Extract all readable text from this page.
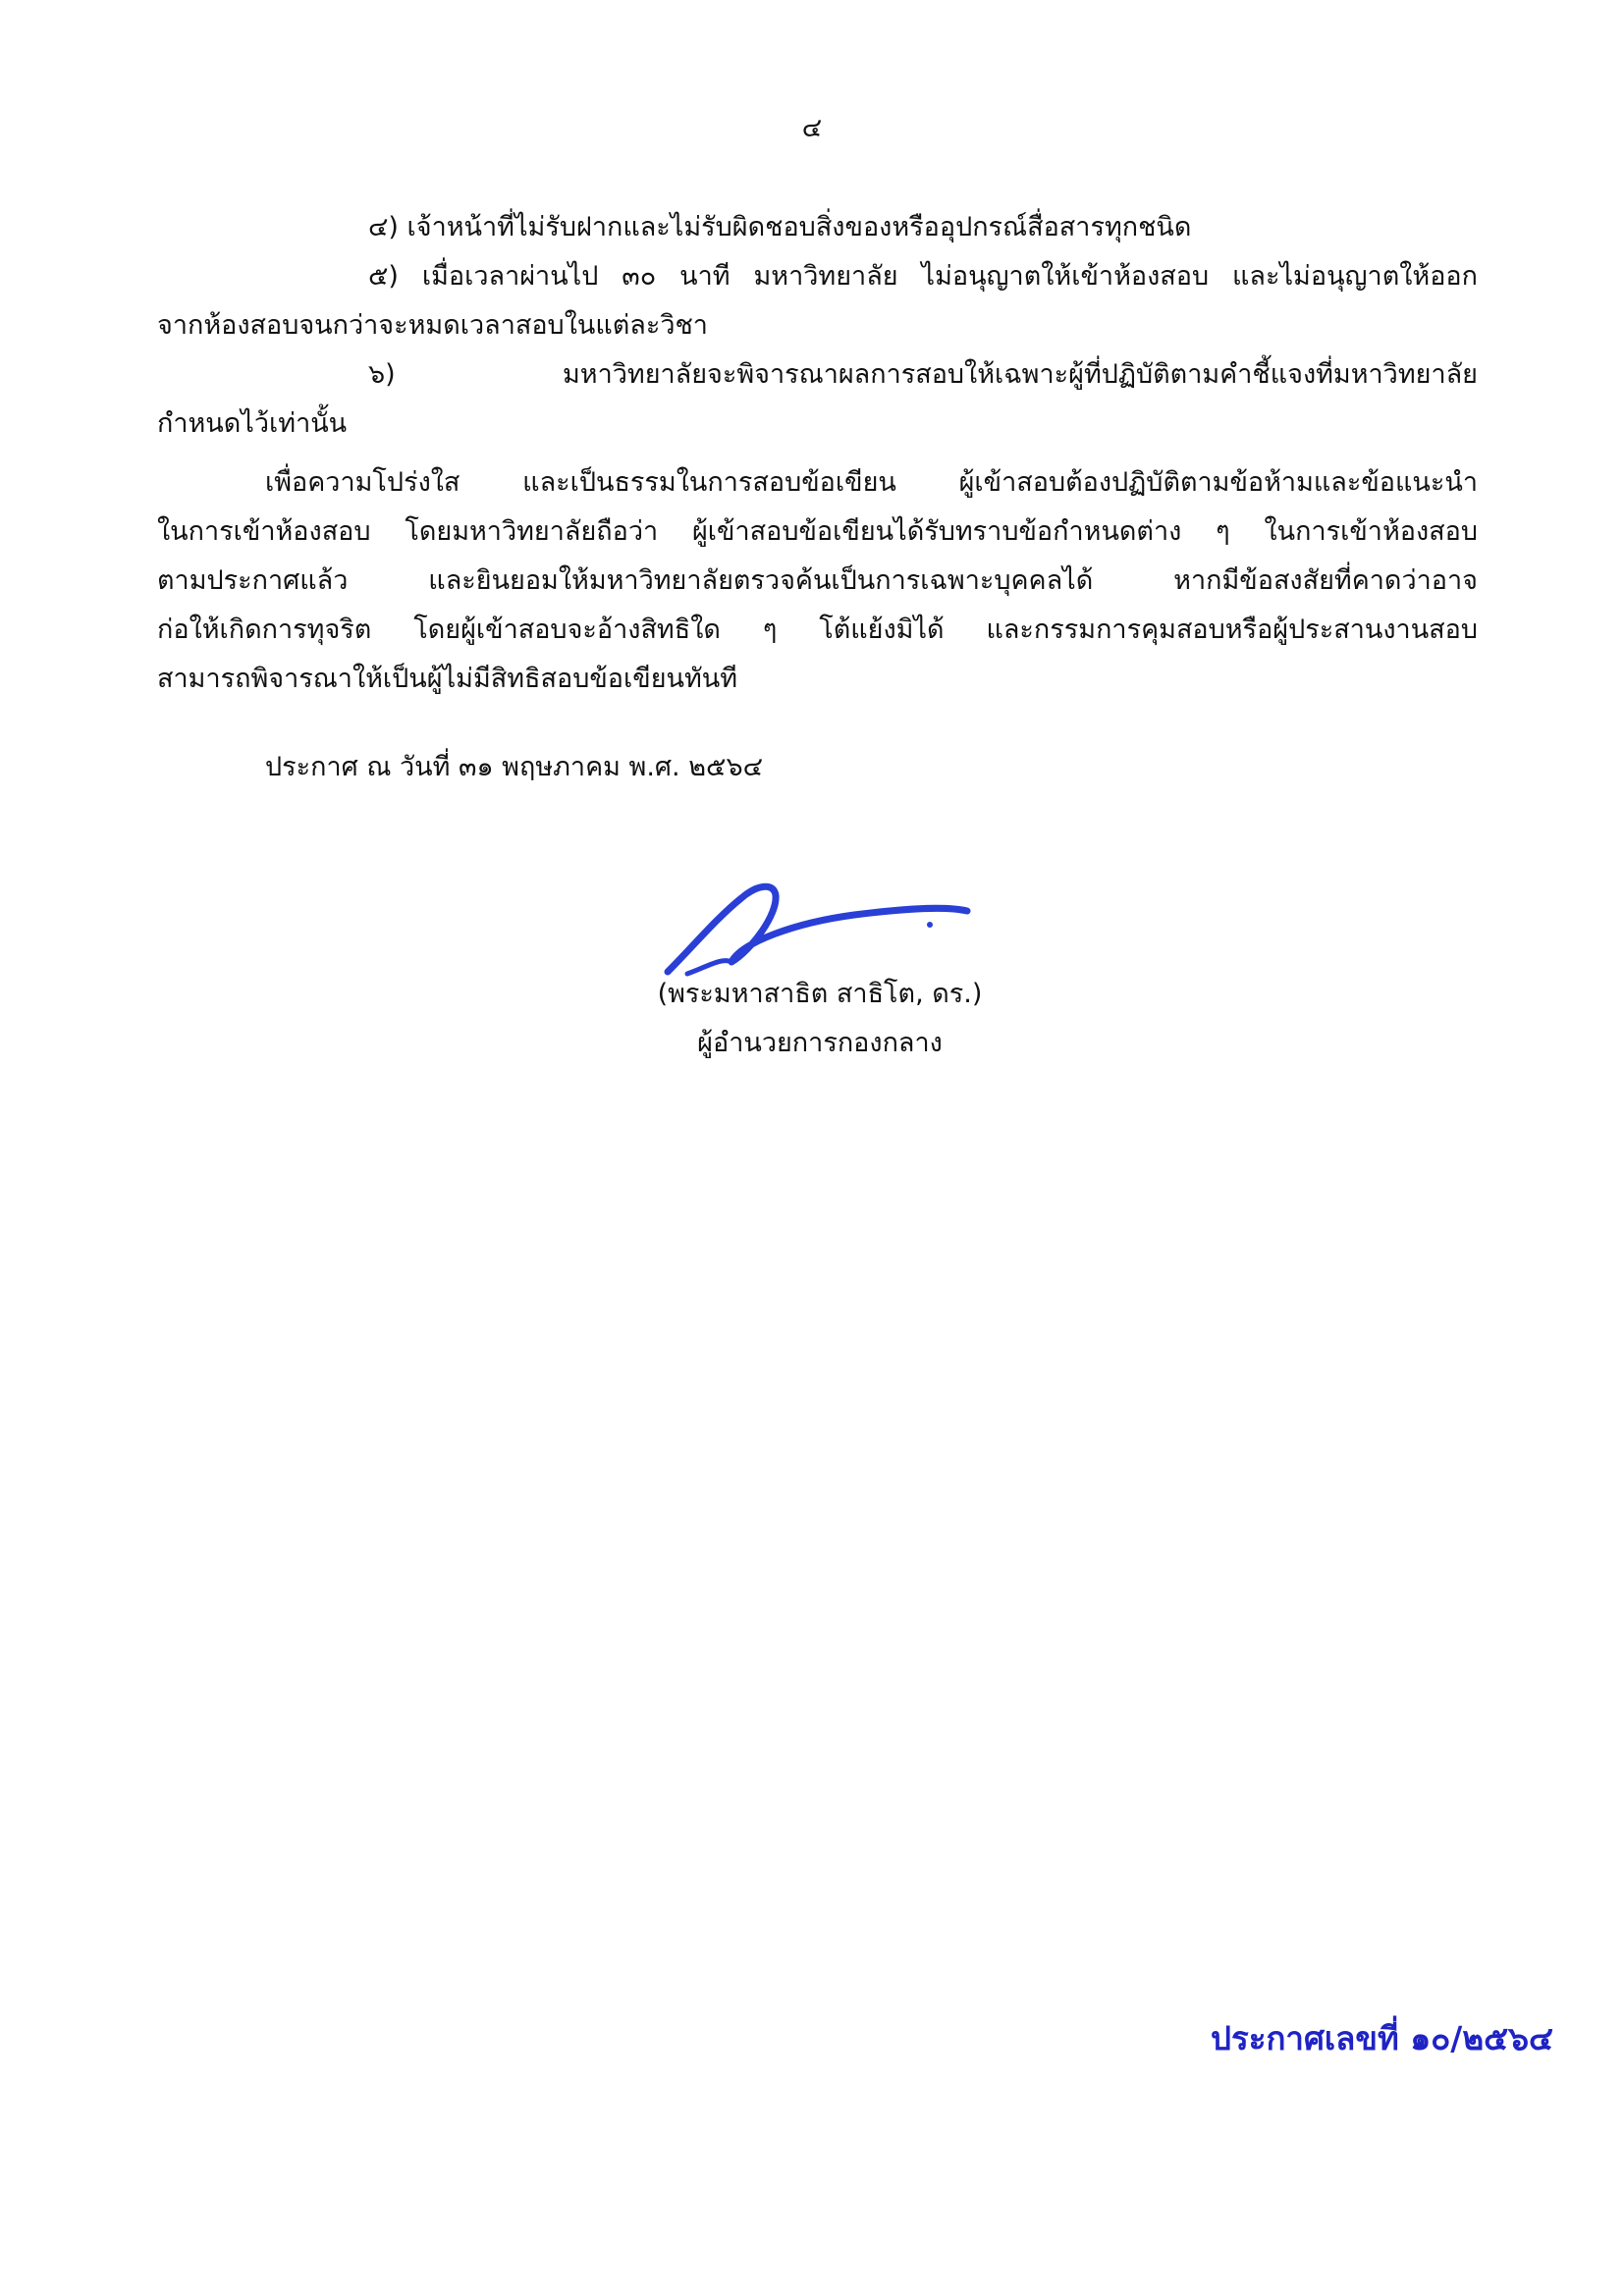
๔
๔) เจ้าหน้าที่ไม่รับฝากและไม่รับผิดชอบสิ่งของหรืออุปกรณ์สื่อสารทุกชนิด
๕) เมื่อเวลาผ่านไป ๓๐ นาที มหาวิทยาลัย ไม่อนุญาตให้เข้าห้องสอบ และไม่อนุญาตให้ออก
จากห้องสอบจนกว่าจะหมดเวลาสอบในแต่ละวิชา
๖) มหาวิทยาลัยจะพิจารณาผลการสอบให้เฉพาะผู้ที่ปฏิบัติตามคำชี้แจงที่มหาวิทยาลัย
กำหนดไว้เท่านั้น
เพื่อความโปร่งใส และเป็นธรรมในการสอบข้อเขียน ผู้เข้าสอบต้องปฏิบัติตามข้อห้ามและข้อแนะนำ
ในการเข้าห้องสอบ โดยมหาวิทยาลัยถือว่า ผู้เข้าสอบข้อเขียนได้รับทราบข้อกำหนดต่าง ๆ ในการเข้าห้องสอบ
ตามประกาศแล้ว และยินยอมให้มหาวิทยาลัยตรวจค้นเป็นการเฉพาะบุคคลได้ หากมีข้อสงสัยที่คาดว่าอาจ
ก่อให้เกิดการทุจริต โดยผู้เข้าสอบจะอ้างสิทธิใด ๆ โต้แย้งมิได้ และกรรมการคุมสอบหรือผู้ประสานงานสอบ
สามารถพิจารณาให้เป็นผู้ไม่มีสิทธิสอบข้อเขียนทันที
ประกาศ ณ วันที่ ๓๑ พฤษภาคม พ.ศ. ๒๕๖๔
(พระมหาสาธิต สาธิโต, ดร.)
ผู้อำนวยการกองกลาง
ประกาศเลขที่ ๑๐/๒๕๖๔
